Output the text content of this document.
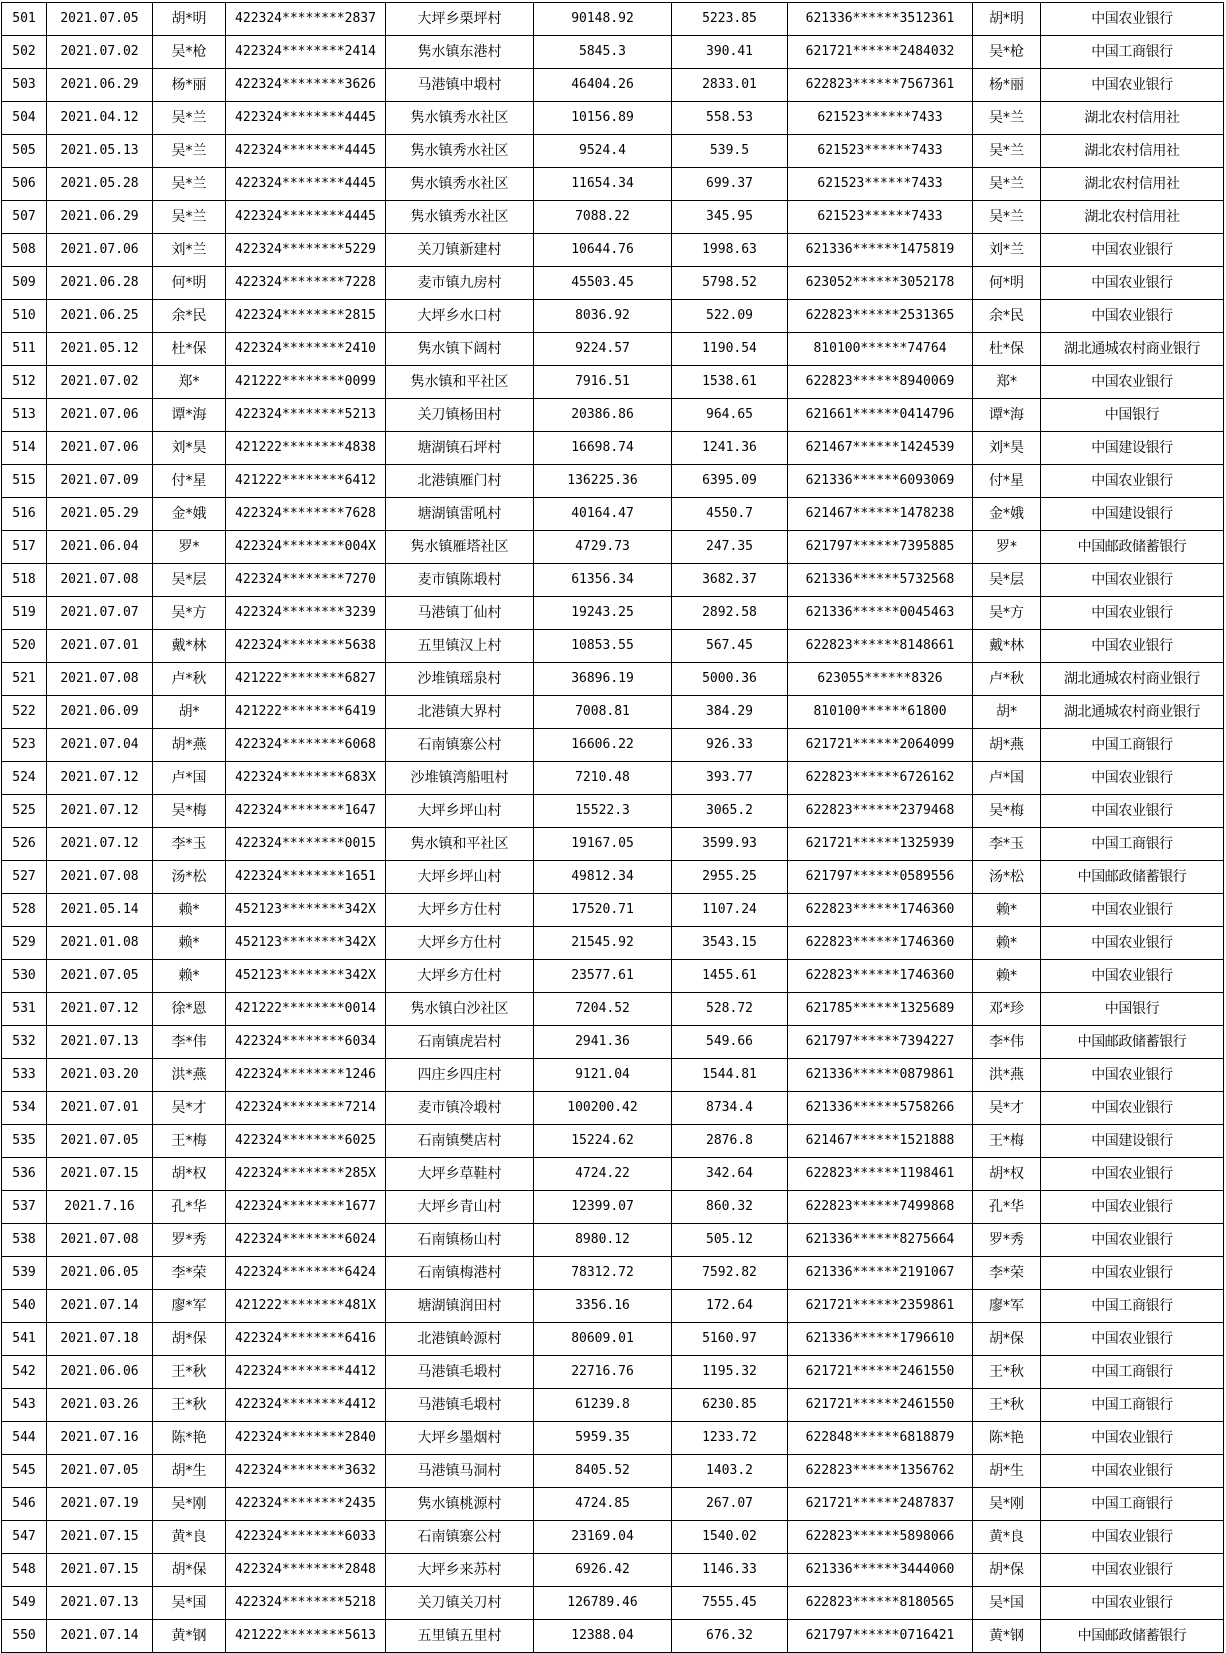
501	2021.07.05	胡*明	422324********2837	大坪乡栗坪村	90148.92	5223.85	621336******3512361	胡*明	中国农业银行
502	2021.07.02	吴*枪	422324********2414	隽水镇东港村	5845.3	390.41	621721******2484032	吴*枪	中国工商银行
503	2021.06.29	杨*丽	422324********3626	马港镇中塅村	46404.26	2833.01	622823******7567361	杨*丽	中国农业银行
504	2021.04.12	吴*兰	422324********4445	隽水镇秀水社区	10156.89	558.53	621523******7433	吴*兰	湖北农村信用社
505	2021.05.13	吴*兰	422324********4445	隽水镇秀水社区	9524.4	539.5	621523******7433	吴*兰	湖北农村信用社
506	2021.05.28	吴*兰	422324********4445	隽水镇秀水社区	11654.34	699.37	621523******7433	吴*兰	湖北农村信用社
507	2021.06.29	吴*兰	422324********4445	隽水镇秀水社区	7088.22	345.95	621523******7433	吴*兰	湖北农村信用社
508	2021.07.06	刘*兰	422324********5229	关刀镇新建村	10644.76	1998.63	621336******1475819	刘*兰	中国农业银行
509	2021.06.28	何*明	422324********7228	麦市镇九房村	45503.45	5798.52	623052******3052178	何*明	中国农业银行
510	2021.06.25	余*民	422324********2815	大坪乡水口村	8036.92	522.09	622823******2531365	余*民	中国农业银行
511	2021.05.12	杜*保	422324********2410	隽水镇下阔村	9224.57	1190.54	810100******74764	杜*保	湖北通城农村商业银行
512	2021.07.02	郑*	421222********0099	隽水镇和平社区	7916.51	1538.61	622823******8940069	郑*	中国农业银行
513	2021.07.06	谭*海	422324********5213	关刀镇杨田村	20386.86	964.65	621661******0414796	谭*海	中国银行
514	2021.07.06	刘*昊	421222********4838	塘湖镇石坪村	16698.74	1241.36	621467******1424539	刘*昊	中国建设银行
515	2021.07.09	付*星	421222********6412	北港镇雁门村	136225.36	6395.09	621336******6093069	付*星	中国农业银行
516	2021.05.29	金*娥	422324********7628	塘湖镇雷吼村	40164.47	4550.7	621467******1478238	金*娥	中国建设银行
517	2021.06.04	罗*	422324********004X	隽水镇雁塔社区	4729.73	247.35	621797******7395885	罗*	中国邮政储蓄银行
518	2021.07.08	吴*层	422324********7270	麦市镇陈塅村	61356.34	3682.37	621336******5732568	吴*层	中国农业银行
519	2021.07.07	吴*方	422324********3239	马港镇丁仙村	19243.25	2892.58	621336******0045463	吴*方	中国农业银行
520	2021.07.01	戴*林	422324********5638	五里镇汉上村	10853.55	567.45	622823******8148661	戴*林	中国农业银行
521	2021.07.08	卢*秋	421222********6827	沙堆镇瑶泉村	36896.19	5000.36	623055******8326	卢*秋	湖北通城农村商业银行
522	2021.06.09	胡*	421222********6419	北港镇大界村	7008.81	384.29	810100******61800	胡*	湖北通城农村商业银行
523	2021.07.04	胡*燕	422324********6068	石南镇寨公村	16606.22	926.33	621721******2064099	胡*燕	中国工商银行
524	2021.07.12	卢*国	422324********683X	沙堆镇湾船咀村	7210.48	393.77	622823******6726162	卢*国	中国农业银行
525	2021.07.12	吴*梅	422324********1647	大坪乡坪山村	15522.3	3065.2	622823******2379468	吴*梅	中国农业银行
526	2021.07.12	李*玉	422324********0015	隽水镇和平社区	19167.05	3599.93	621721******1325939	李*玉	中国工商银行
527	2021.07.08	汤*松	422324********1651	大坪乡坪山村	49812.34	2955.25	621797******0589556	汤*松	中国邮政储蓄银行
528	2021.05.14	赖*	452123********342X	大坪乡方仕村	17520.71	1107.24	622823******1746360	赖*	中国农业银行
529	2021.01.08	赖*	452123********342X	大坪乡方仕村	21545.92	3543.15	622823******1746360	赖*	中国农业银行
530	2021.07.05	赖*	452123********342X	大坪乡方仕村	23577.61	1455.61	622823******1746360	赖*	中国农业银行
531	2021.07.12	徐*恩	421222********0014	隽水镇白沙社区	7204.52	528.72	621785******1325689	邓*珍	中国银行
532	2021.07.13	李*伟	422324********6034	石南镇虎岩村	2941.36	549.66	621797******7394227	李*伟	中国邮政储蓄银行
533	2021.03.20	洪*燕	422324********1246	四庄乡四庄村	9121.04	1544.81	621336******0879861	洪*燕	中国农业银行
534	2021.07.01	吴*才	422324********7214	麦市镇冷塅村	100200.42	8734.4	621336******5758266	吴*才	中国农业银行
535	2021.07.05	王*梅	422324********6025	石南镇樊店村	15224.62	2876.8	621467******1521888	王*梅	中国建设银行
536	2021.07.15	胡*权	422324********285X	大坪乡草鞋村	4724.22	342.64	622823******1198461	胡*权	中国农业银行
537	2021.7.16	孔*华	422324********1677	大坪乡青山村	12399.07	860.32	622823******7499868	孔*华	中国农业银行
538	2021.07.08	罗*秀	422324********6024	石南镇杨山村	8980.12	505.12	621336******8275664	罗*秀	中国农业银行
539	2021.06.05	李*荣	422324********6424	石南镇梅港村	78312.72	7592.82	621336******2191067	李*荣	中国农业银行
540	2021.07.14	廖*军	421222********481X	塘湖镇润田村	3356.16	172.64	621721******2359861	廖*军	中国工商银行
541	2021.07.18	胡*保	422324********6416	北港镇岭源村	80609.01	5160.97	621336******1796610	胡*保	中国农业银行
542	2021.06.06	王*秋	422324********4412	马港镇毛塅村	22716.76	1195.32	621721******2461550	王*秋	中国工商银行
543	2021.03.26	王*秋	422324********4412	马港镇毛塅村	61239.8	6230.85	621721******2461550	王*秋	中国工商银行
544	2021.07.16	陈*艳	422324********2840	大坪乡墨烟村	5959.35	1233.72	622848******6818879	陈*艳	中国农业银行
545	2021.07.05	胡*生	422324********3632	马港镇马洞村	8405.52	1403.2	622823******1356762	胡*生	中国农业银行
546	2021.07.19	吴*刚	422324********2435	隽水镇桃源村	4724.85	267.07	621721******2487837	吴*刚	中国工商银行
547	2021.07.15	黄*良	422324********6033	石南镇寨公村	23169.04	1540.02	622823******5898066	黄*良	中国农业银行
548	2021.07.15	胡*保	422324********2848	大坪乡来苏村	6926.42	1146.33	621336******3444060	胡*保	中国农业银行
549	2021.07.13	吴*国	422324********5218	关刀镇关刀村	126789.46	7555.45	622823******8180565	吴*国	中国农业银行
550	2021.07.14	黄*钢	421222********5613	五里镇五里村	12388.04	676.32	621797******0716421	黄*钢	中国邮政储蓄银行
